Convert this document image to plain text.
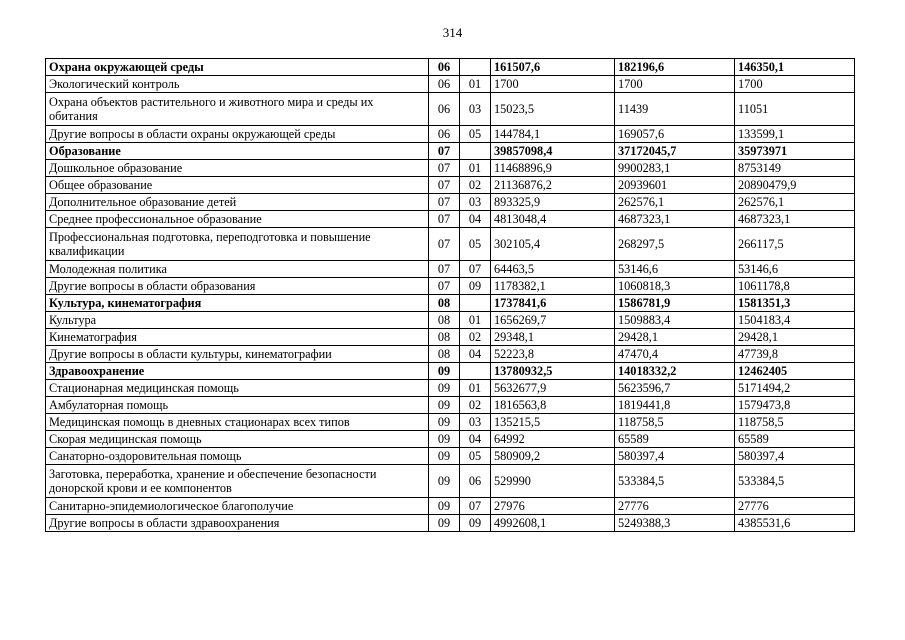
314
Охрана окружающей среды	06		161507,6	182196,6	146350,1
Экологический контроль	06	01	1700	1700	1700
Охрана объектов растительного и животного мира и среды их обитания	06	03	15023,5	11439	11051
Другие вопросы в области охраны окружающей среды	06	05	144784,1	169057,6	133599,1
Образование	07		39857098,4	37172045,7	35973971
Дошкольное образование	07	01	11468896,9	9900283,1	8753149
Общее образование	07	02	21136876,2	20939601	20890479,9
Дополнительное образование детей	07	03	893325,9	262576,1	262576,1
Среднее профессиональное образование	07	04	4813048,4	4687323,1	4687323,1
Профессиональная подготовка, переподготовка и повышение квалификации	07	05	302105,4	268297,5	266117,5
Молодежная политика	07	07	64463,5	53146,6	53146,6
Другие вопросы в области образования	07	09	1178382,1	1060818,3	1061178,8
Культура, кинематография	08		1737841,6	1586781,9	1581351,3
Культура	08	01	1656269,7	1509883,4	1504183,4
Кинематография	08	02	29348,1	29428,1	29428,1
Другие вопросы в области культуры, кинематографии	08	04	52223,8	47470,4	47739,8
Здравоохранение	09		13780932,5	14018332,2	12462405
Стационарная медицинская помощь	09	01	5632677,9	5623596,7	5171494,2
Амбулаторная помощь	09	02	1816563,8	1819441,8	1579473,8
Медицинская помощь в дневных стационарах всех типов	09	03	135215,5	118758,5	118758,5
Скорая медицинская помощь	09	04	64992	65589	65589
Санаторно-оздоровительная помощь	09	05	580909,2	580397,4	580397,4
Заготовка, переработка, хранение и обеспечение безопасности донорской крови и ее компонентов	09	06	529990	533384,5	533384,5
Санитарно-эпидемиологическое благополучие	09	07	27976	27776	27776
Другие вопросы в области здравоохранения	09	09	4992608,1	5249388,3	4385531,6
